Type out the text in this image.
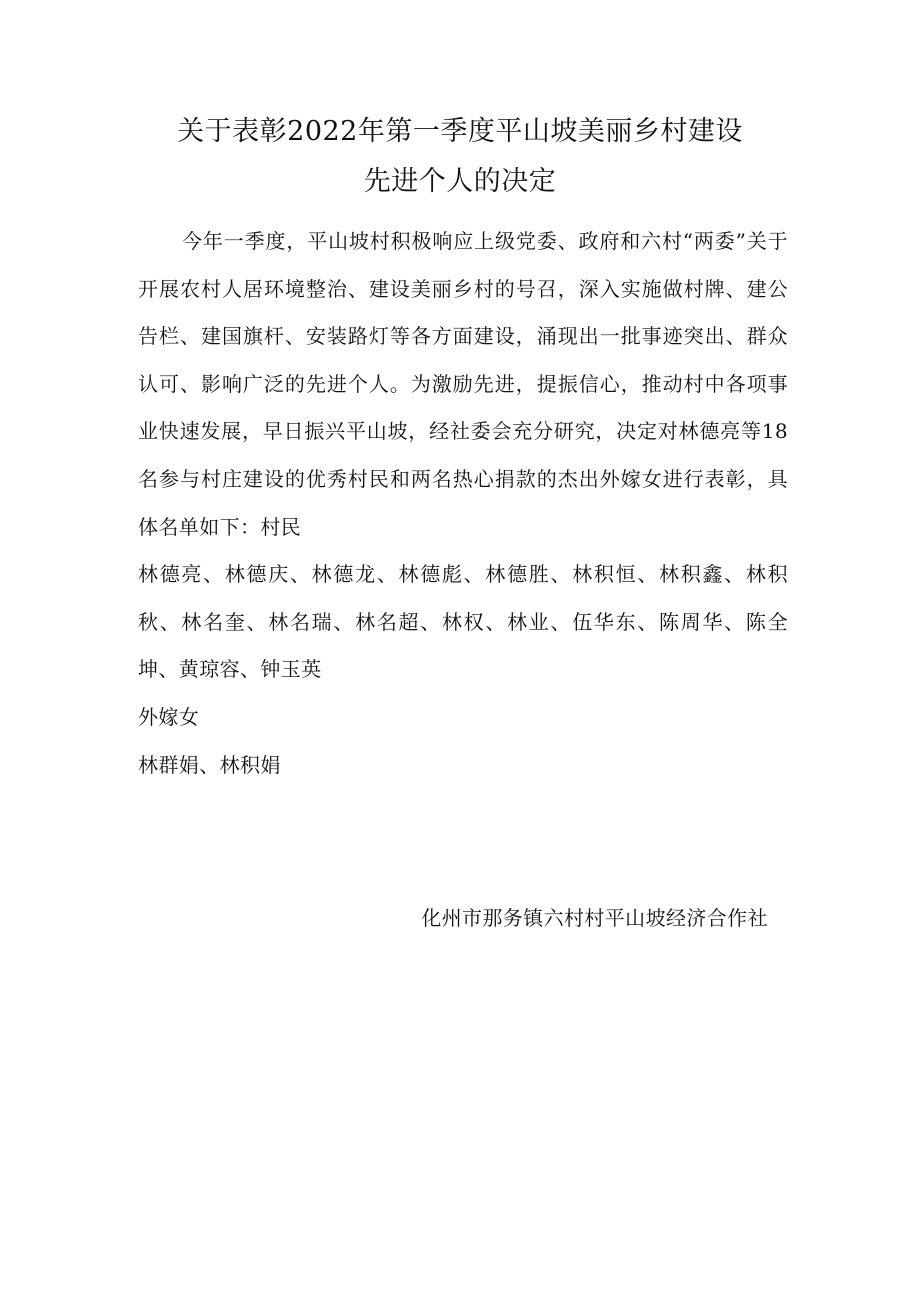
关于表彰2022年第一季度平山坡美丽乡村建设
先进个人的决定

今年一季度，平山坡村积极响应上级党委、政府和六村“两委”关于开展农村人居环境整治、建设美丽乡村的号召，深入实施做村牌、建公告栏、建国旗杆、安装路灯等各方面建设，涌现出一批事迹突出、群众认可、影响广泛的先进个人。为激励先进，提振信心，推动村中各项事业快速发展，早日振兴平山坡，经社委会充分研究，决定对林德亮等18名参与村庄建设的优秀村民和两名热心捐款的杰出外嫁女进行表彰，具体名单如下：村民

林德亮、林德庆、林德龙、林德彪、林德胜、林积恒、林积鑫、林积秋、林名奎、林名瑞、林名超、林权、林业、伍华东、陈周华、陈全坤、黄琼容、钟玉英

外嫁女

林群娟、林积娟

化州市那务镇六村村平山坡经济合作社
